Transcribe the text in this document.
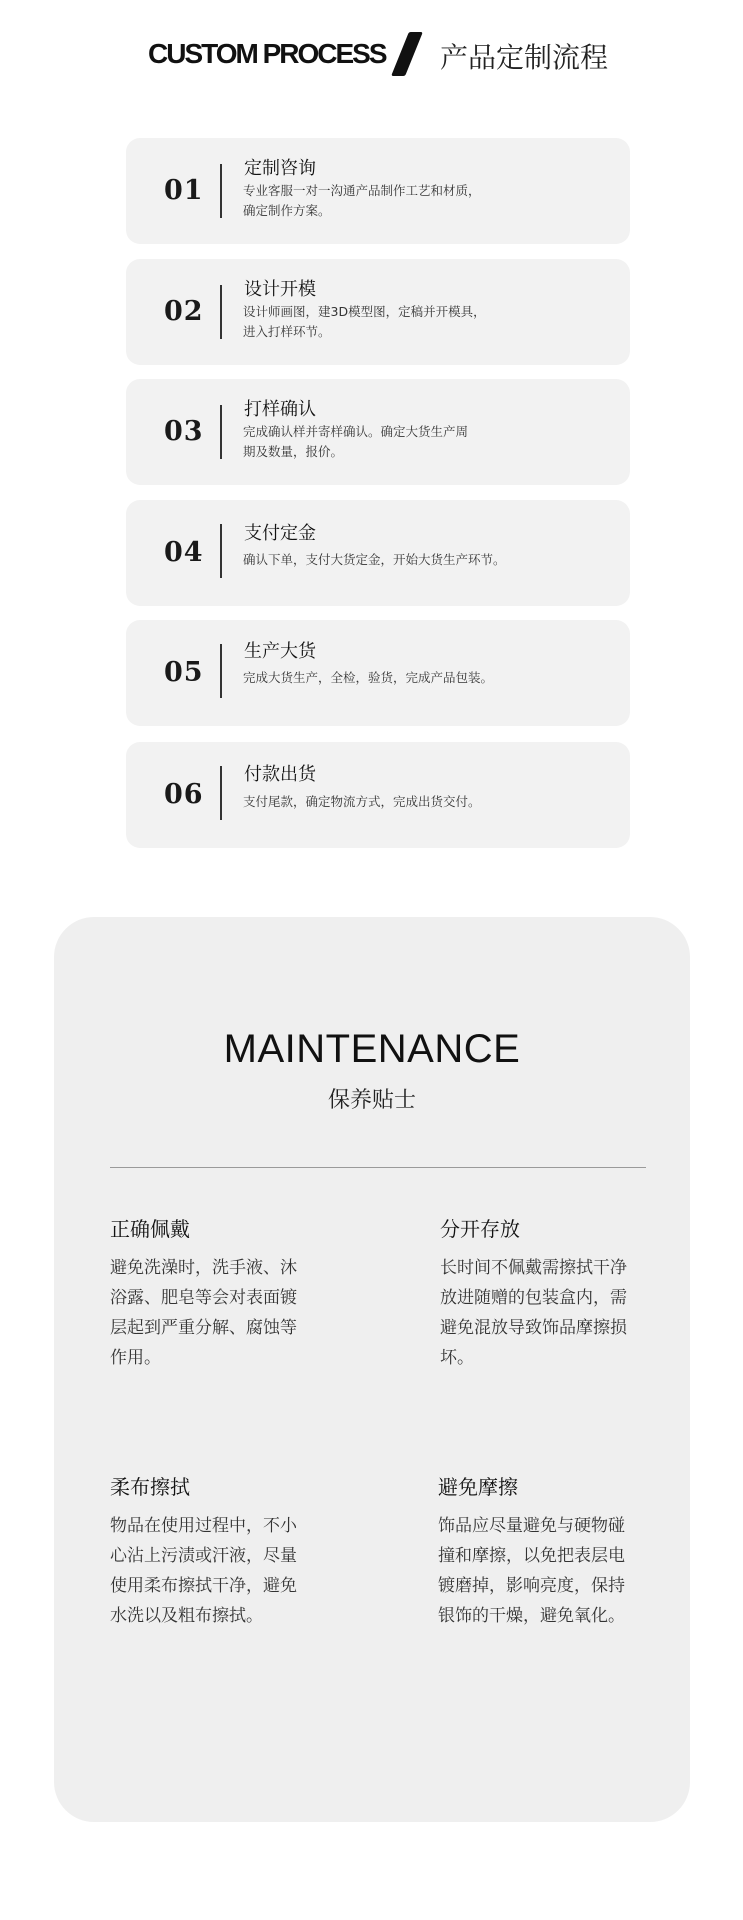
CUSTOM PROCESS 产品定制流程
01
定制咨询
专业客服一对一沟通产品制作工艺和材质，
确定制作方案。
02
设计开模
设计师画图，建3D模型图，定稿并开模具，
进入打样环节。
03
打样确认
完成确认样并寄样确认。确定大货生产周
期及数量，报价。
04
支付定金
确认下单，支付大货定金，开始大货生产环节。
05
生产大货
完成大货生产，全检，验货，完成产品包装。
06
付款出货
支付尾款，确定物流方式，完成出货交付。
MAINTENANCE
保养贴士
正确佩戴
避免洗澡时，洗手液、沐
浴露、肥皂等会对表面镀
层起到严重分解、腐蚀等
作用。
分开存放
长时间不佩戴需擦拭干净
放进随赠的包装盒内，需
避免混放导致饰品摩擦损
坏。
柔布擦拭
物品在使用过程中，不小
心沾上污渍或汗液，尽量
使用柔布擦拭干净，避免
水洗以及粗布擦拭。
避免摩擦
饰品应尽量避免与硬物碰
撞和摩擦，以免把表层电
镀磨掉，影响亮度，保持
银饰的干燥，避免氧化。
